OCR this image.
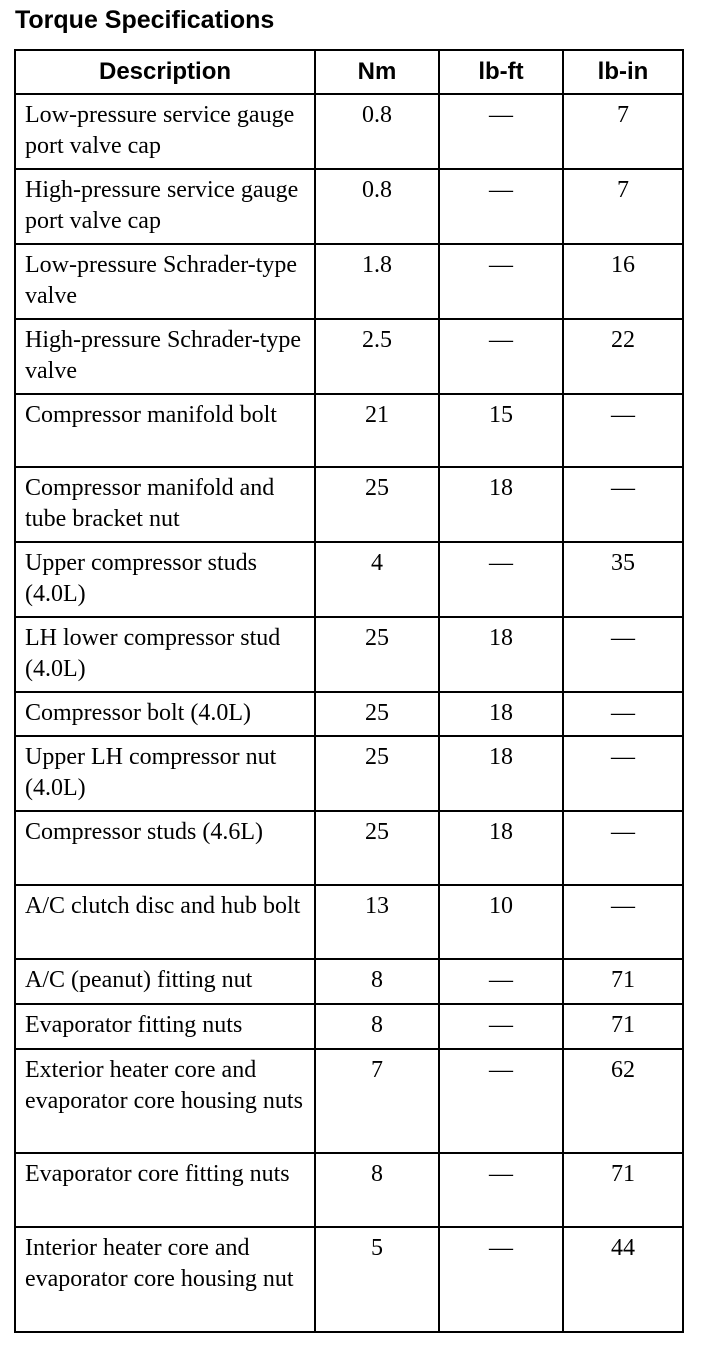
Torque Specifications
Description	Nm	lb-ft	lb-in
Low-pressure service gauge port valve cap	0.8	—	7
High-pressure service gauge port valve cap	0.8	—	7
Low-pressure Schrader-type valve	1.8	—	16
High-pressure Schrader-type valve	2.5	—	22
Compressor manifold bolt	21	15	—
Compressor manifold and tube bracket nut	25	18	—
Upper compressor studs (4.0L)	4	—	35
LH lower compressor stud (4.0L)	25	18	—
Compressor bolt (4.0L)	25	18	—
Upper LH compressor nut (4.0L)	25	18	—
Compressor studs (4.6L)	25	18	—
A/C clutch disc and hub bolt	13	10	—
A/C (peanut) fitting nut	8	—	71
Evaporator fitting nuts	8	—	71
Exterior heater core and evaporator core housing nuts	7	—	62
Evaporator core fitting nuts	8	—	71
Interior heater core and evaporator core housing nut	5	—	44
